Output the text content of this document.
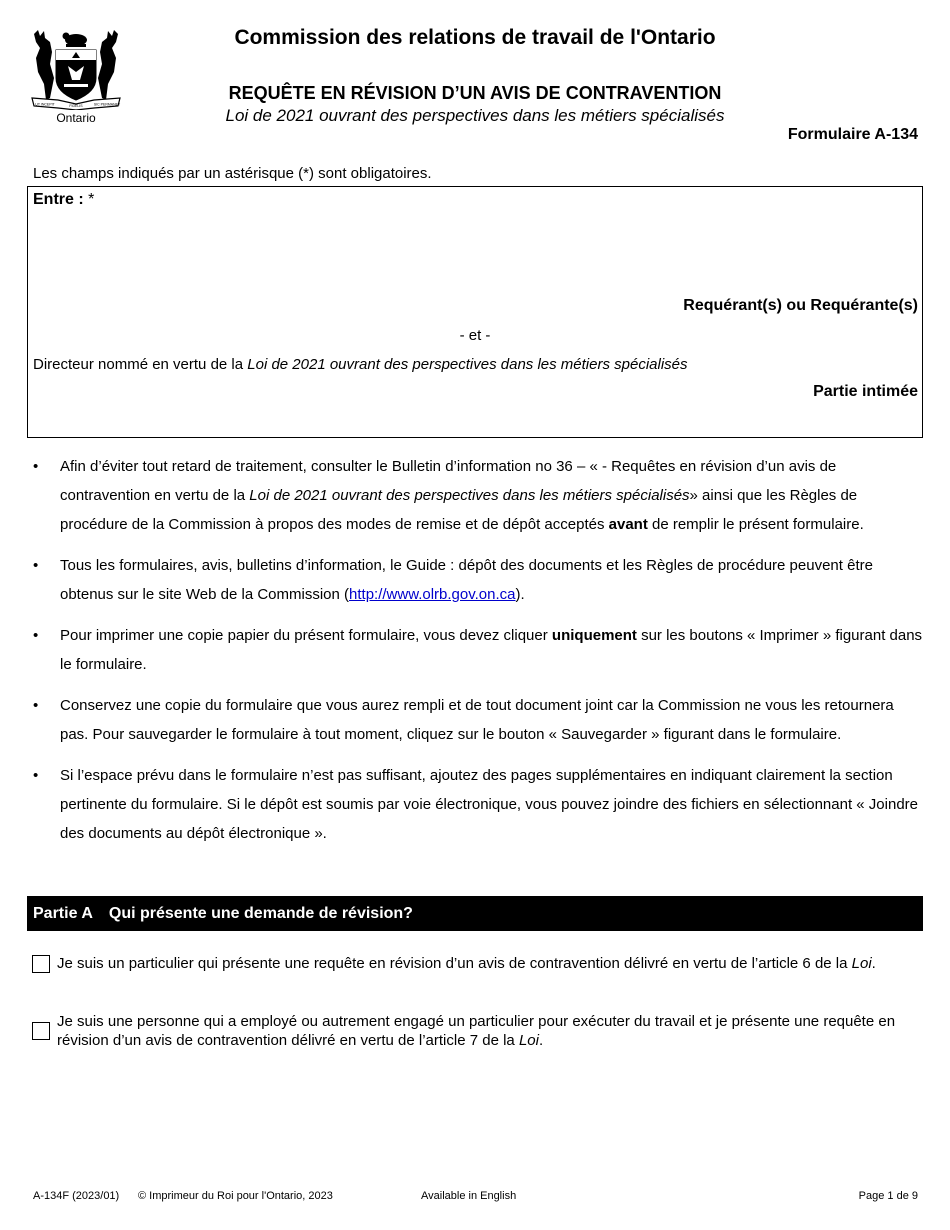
UT INCEPIT	FIDELIS	SIC PERMANET
Ontario
Commission des relations de travail de l'Ontario
REQUÊTE EN RÉVISION D’UN AVIS DE CONTRAVENTION
Loi de 2021 ouvrant des perspectives dans les métiers spécialisés
Formulaire A-134
Les champs indiqués par un astérisque (*) sont obligatoires.
Entre : *
Requérant(s) ou Requérante(s)
- et -
Directeur nommé en vertu de la Loi de 2021 ouvrant des perspectives dans les métiers spécialisés
Partie intimée
• Afin d’éviter tout retard de traitement, consulter le Bulletin d’information no 36 – « - Requêtes en révision d’un avis de contravention en vertu de la Loi de 2021 ouvrant des perspectives dans les métiers spécialisés» ainsi que les Règles de procédure de la Commission à propos des modes de remise et de dépôt acceptés avant de remplir le présent formulaire.
• Tous les formulaires, avis, bulletins d’information, le Guide : dépôt des documents et les Règles de procédure peuvent être obtenus sur le site Web de la Commission (http://www.olrb.gov.on.ca).
• Pour imprimer une copie papier du présent formulaire, vous devez cliquer uniquement sur les boutons « Imprimer » figurant dans le formulaire.
• Conservez une copie du formulaire que vous aurez rempli et de tout document joint car la Commission ne vous les retournera pas. Pour sauvegarder le formulaire à tout moment, cliquez sur le bouton « Sauvegarder » figurant dans le formulaire.
• Si l’espace prévu dans le formulaire n’est pas suffisant, ajoutez des pages supplémentaires en indiquant clairement la section pertinente du formulaire. Si le dépôt est soumis par voie électronique, vous pouvez joindre des fichiers en sélectionnant « Joindre des documents au dépôt électronique ».
Partie A Qui présente une demande de révision?
Je suis un particulier qui présente une requête en révision d’un avis de contravention délivré en vertu de l’article 6 de la Loi.
Je suis une personne qui a employé ou autrement engagé un particulier pour exécuter du travail et je présente une requête en révision d’un avis de contravention délivré en vertu de l’article 7 de la Loi.
A-134F (2023/01) © Imprimeur du Roi pour l'Ontario, 2023	Available in English	Page 1 de 9
